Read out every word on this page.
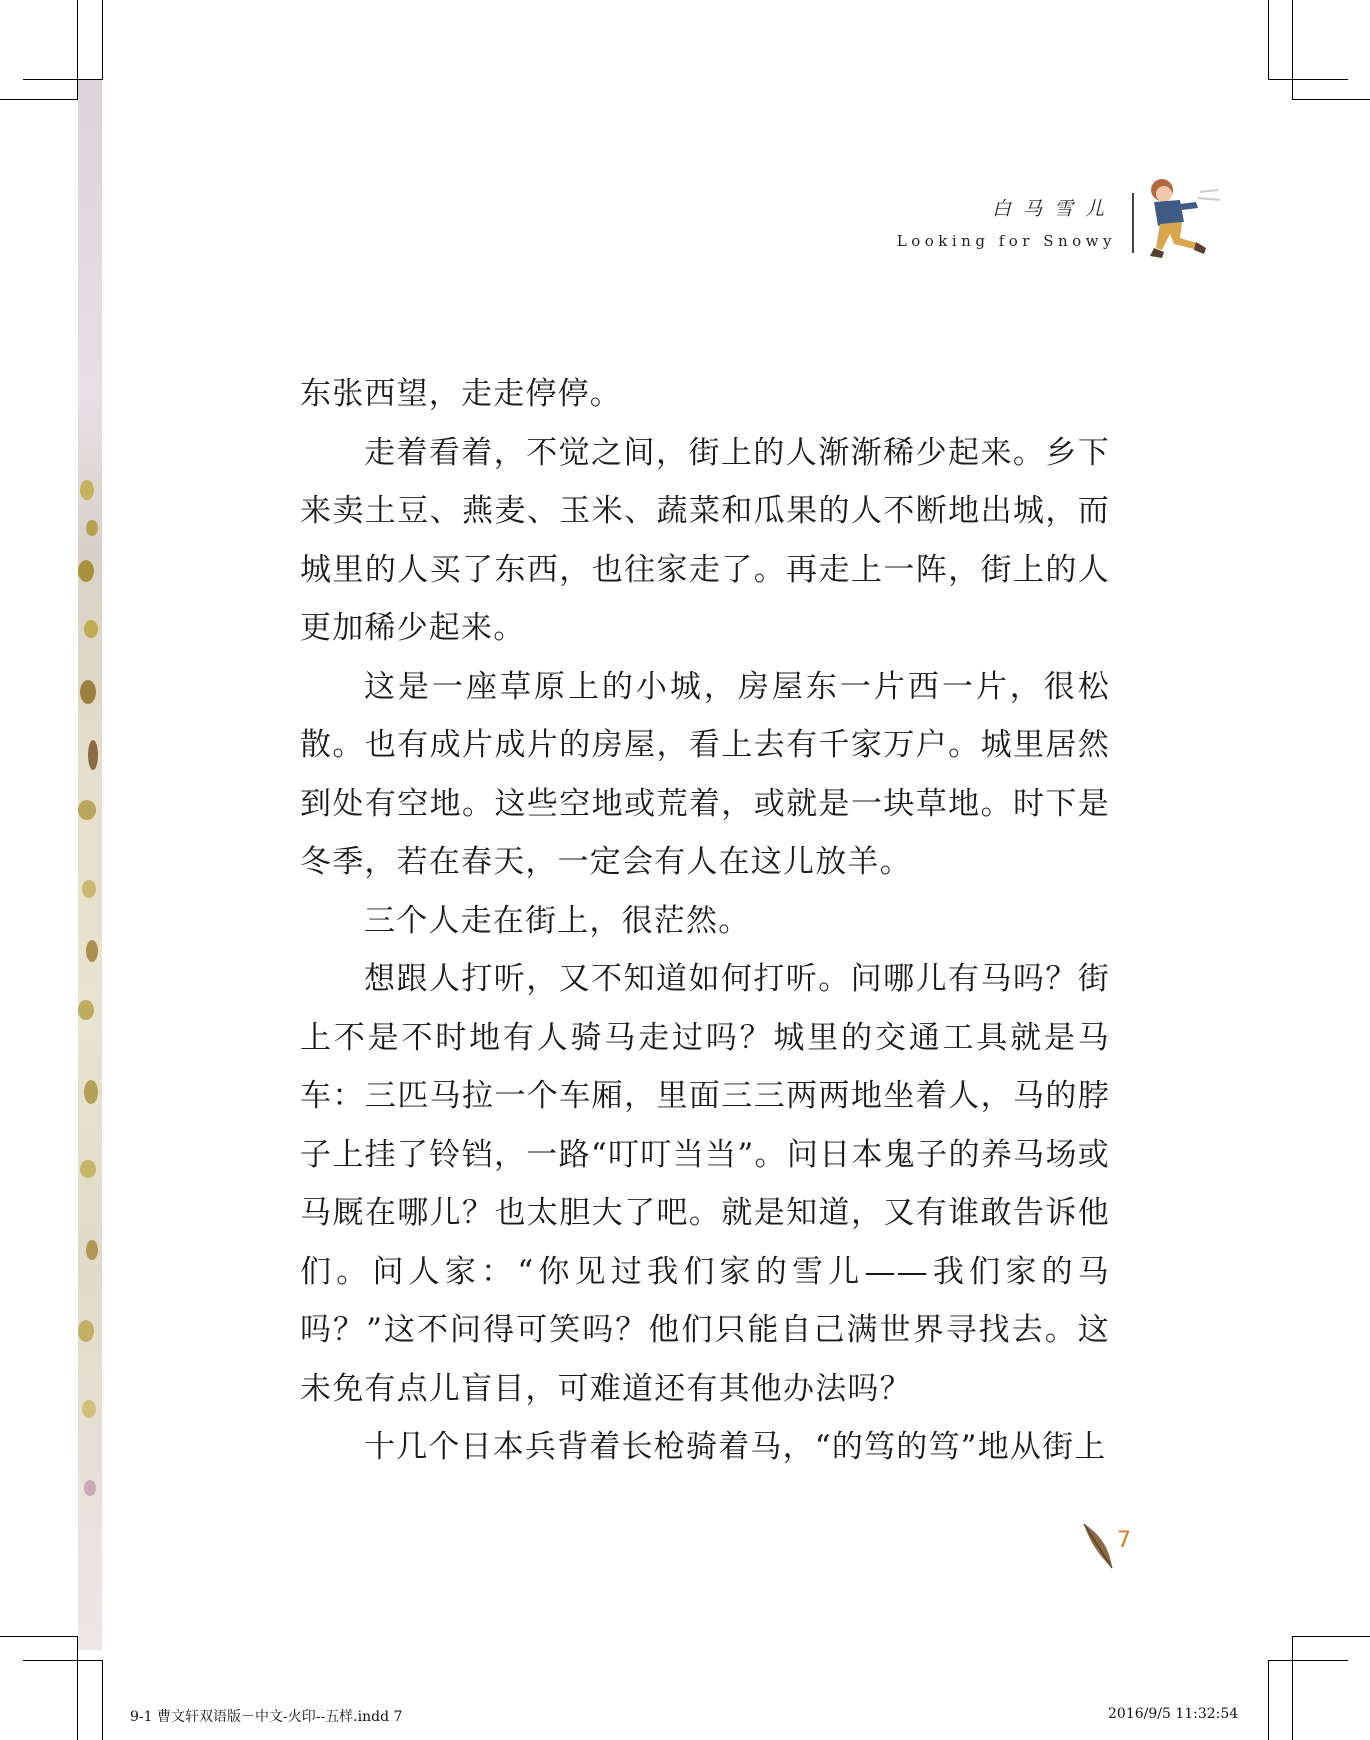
白马雪儿
Looking for Snowy

东张西望，走走停停。

走着看着，不觉之间，街上的人渐渐稀少起来。乡下来卖土豆、燕麦、玉米、蔬菜和瓜果的人不断地出城，而城里的人买了东西，也往家走了。再走上一阵，街上的人更加稀少起来。

这是一座草原上的小城，房屋东一片西一片，很松散。也有成片成片的房屋，看上去有千家万户。城里居然到处有空地。这些空地或荒着，或就是一块草地。时下是冬季，若在春天，一定会有人在这儿放羊。

三个人走在街上，很茫然。

想跟人打听，又不知道如何打听。问哪儿有马吗？街上不是不时地有人骑马走过吗？城里的交通工具就是马车：三匹马拉一个车厢，里面三三两两地坐着人，马的脖子上挂了铃铛，一路“叮叮当当”。问日本鬼子的养马场或马厩在哪儿？也太胆大了吧。就是知道，又有谁敢告诉他们。问人家：“你见过我们家的雪儿——我们家的马吗？”这不问得可笑吗？他们只能自己满世界寻找去。这未免有点儿盲目，可难道还有其他办法吗？

十几个日本兵背着长枪骑着马，“的笃的笃”地从街上

7
9-1 曹文轩双语版－中文-火印--五样.indd 7	2016/9/5 11:32:54
